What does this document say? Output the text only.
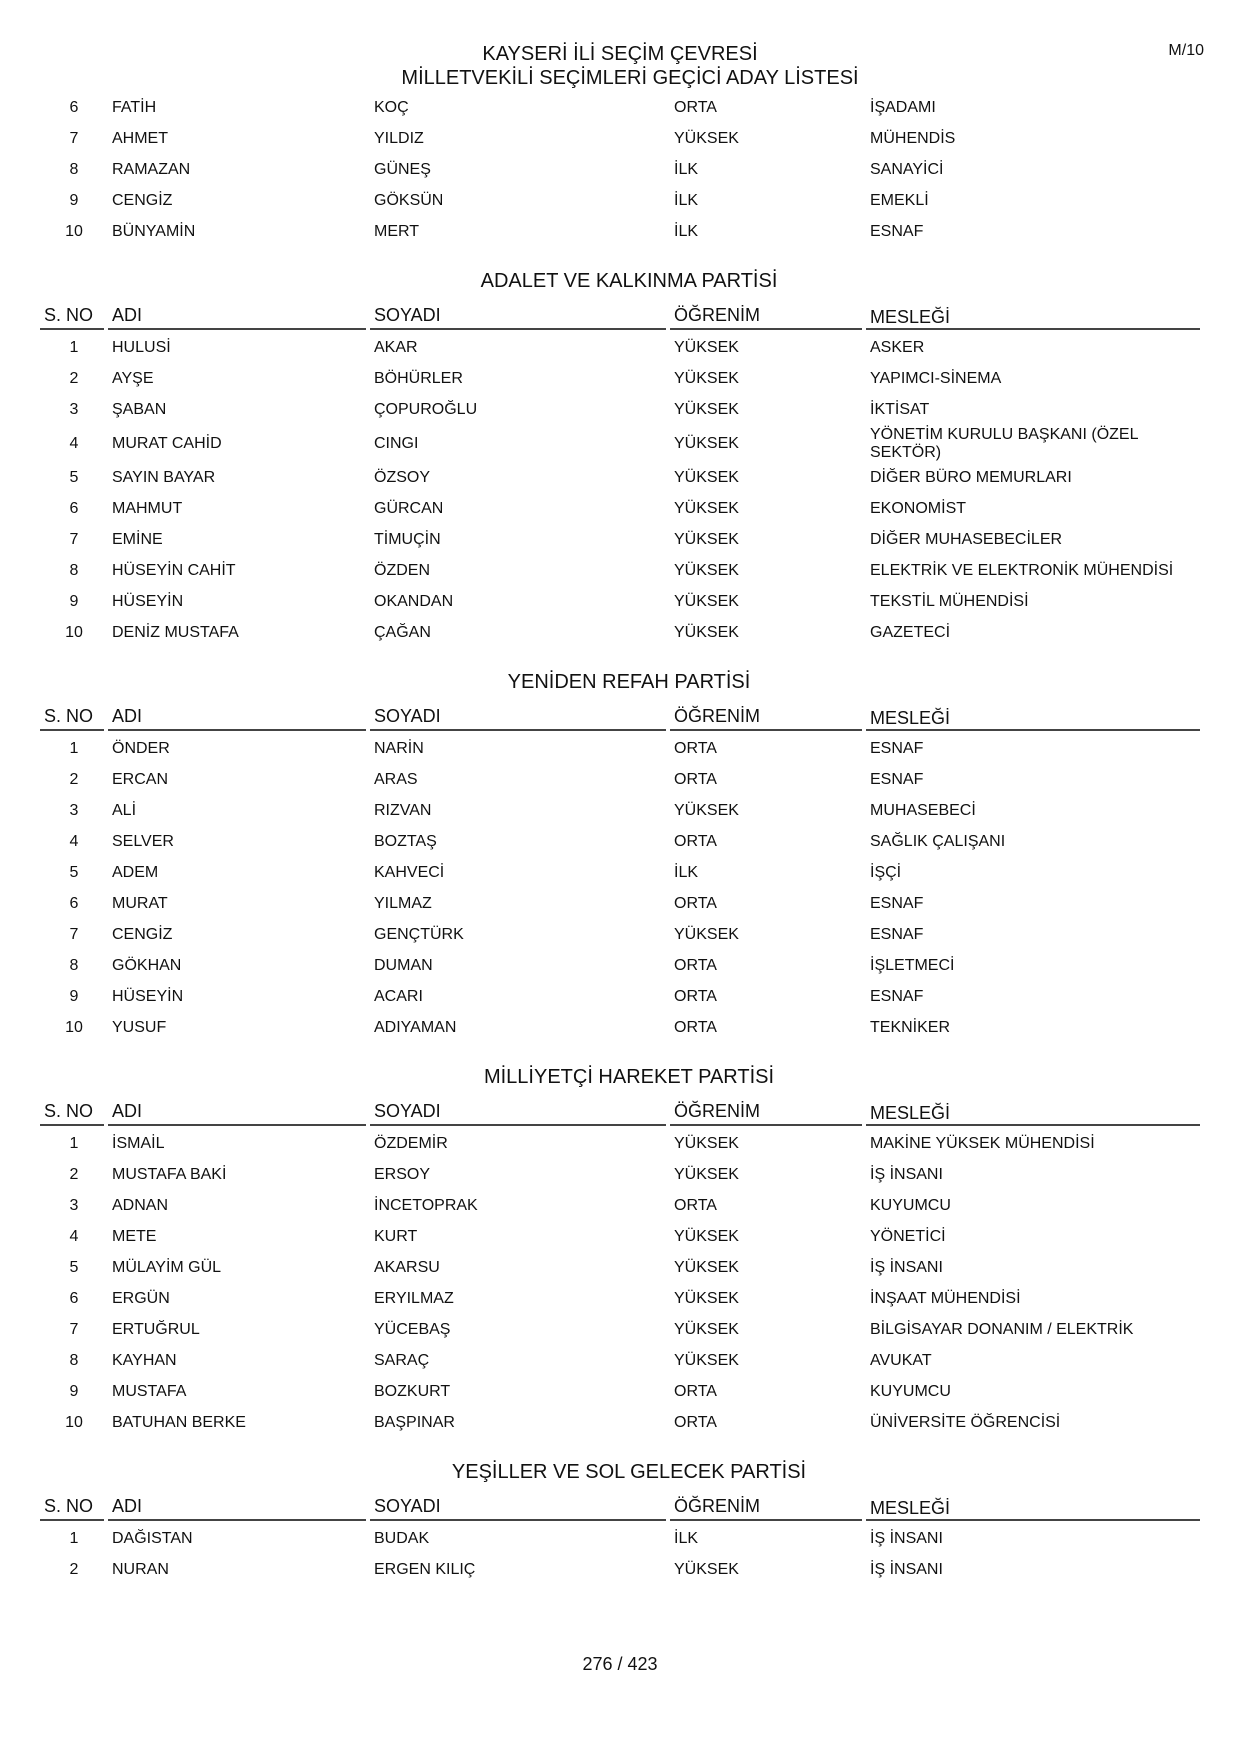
M/10
KAYSERİ İLİ SEÇİM ÇEVRESİ
MİLLETVEKİLİ SEÇİMLERİ GEÇİCİ ADAY LİSTESİ
6	FATİH	KOÇ	ORTA	İŞADAMI
7	AHMET	YILDIZ	YÜKSEK	MÜHENDİS
8	RAMAZAN	GÜNEŞ	İLK	SANAYİCİ
9	CENGİZ	GÖKSÜN	İLK	EMEKLİ
10	BÜNYAMİN	MERT	İLK	ESNAF
ADALET VE KALKINMA PARTİSİ
S. NO	ADI	SOYADI	ÖĞRENİM	MESLEĞİ
1	HULUSİ	AKAR	YÜKSEK	ASKER
2	AYŞE	BÖHÜRLER	YÜKSEK	YAPIMCI-SİNEMA
3	ŞABAN	ÇOPUROĞLU	YÜKSEK	İKTİSAT
4	MURAT CAHİD	CINGI	YÜKSEK
YÖNETİM KURULU BAŞKANI (ÖZEL SEKTÖR)
5	SAYIN BAYAR	ÖZSOY	YÜKSEK	DİĞER BÜRO MEMURLARI
6	MAHMUT	GÜRCAN	YÜKSEK	EKONOMİST
7	EMİNE	TİMUÇİN	YÜKSEK	DİĞER MUHASEBECİLER
8	HÜSEYİN CAHİT	ÖZDEN	YÜKSEK	ELEKTRİK VE ELEKTRONİK MÜHENDİSİ
9	HÜSEYİN	OKANDAN	YÜKSEK	TEKSTİL MÜHENDİSİ
10	DENİZ MUSTAFA	ÇAĞAN	YÜKSEK	GAZETECİ
YENİDEN REFAH PARTİSİ
S. NO	ADI	SOYADI	ÖĞRENİM	MESLEĞİ
1	ÖNDER	NARİN	ORTA	ESNAF
2	ERCAN	ARAS	ORTA	ESNAF
3	ALİ	RIZVAN	YÜKSEK	MUHASEBECİ
4	SELVER	BOZTAŞ	ORTA	SAĞLIK ÇALIŞANI
5	ADEM	KAHVECİ	İLK	İŞÇİ
6	MURAT	YILMAZ	ORTA	ESNAF
7	CENGİZ	GENÇTÜRK	YÜKSEK	ESNAF
8	GÖKHAN	DUMAN	ORTA	İŞLETMECİ
9	HÜSEYİN	ACARI	ORTA	ESNAF
10	YUSUF	ADIYAMAN	ORTA	TEKNİKER
MİLLİYETÇİ HAREKET PARTİSİ
S. NO	ADI	SOYADI	ÖĞRENİM	MESLEĞİ
1	İSMAİL	ÖZDEMİR	YÜKSEK	MAKİNE YÜKSEK MÜHENDİSİ
2	MUSTAFA BAKİ	ERSOY	YÜKSEK	İŞ İNSANI
3	ADNAN	İNCETOPRAK	ORTA	KUYUMCU
4	METE	KURT	YÜKSEK	YÖNETİCİ
5	MÜLAYİM GÜL	AKARSU	YÜKSEK	İŞ İNSANI
6	ERGÜN	ERYILMAZ	YÜKSEK	İNŞAAT MÜHENDİSİ
7	ERTUĞRUL	YÜCEBAŞ	YÜKSEK	BİLGİSAYAR DONANIM / ELEKTRİK
8	KAYHAN	SARAÇ	YÜKSEK	AVUKAT
9	MUSTAFA	BOZKURT	ORTA	KUYUMCU
10	BATUHAN BERKE	BAŞPINAR	ORTA	ÜNİVERSİTE ÖĞRENCİSİ
YEŞİLLER VE SOL GELECEK PARTİSİ
S. NO	ADI	SOYADI	ÖĞRENİM	MESLEĞİ
1	DAĞISTAN	BUDAK	İLK	İŞ İNSANI
2	NURAN	ERGEN KILIÇ	YÜKSEK	İŞ İNSANI
276 / 423
